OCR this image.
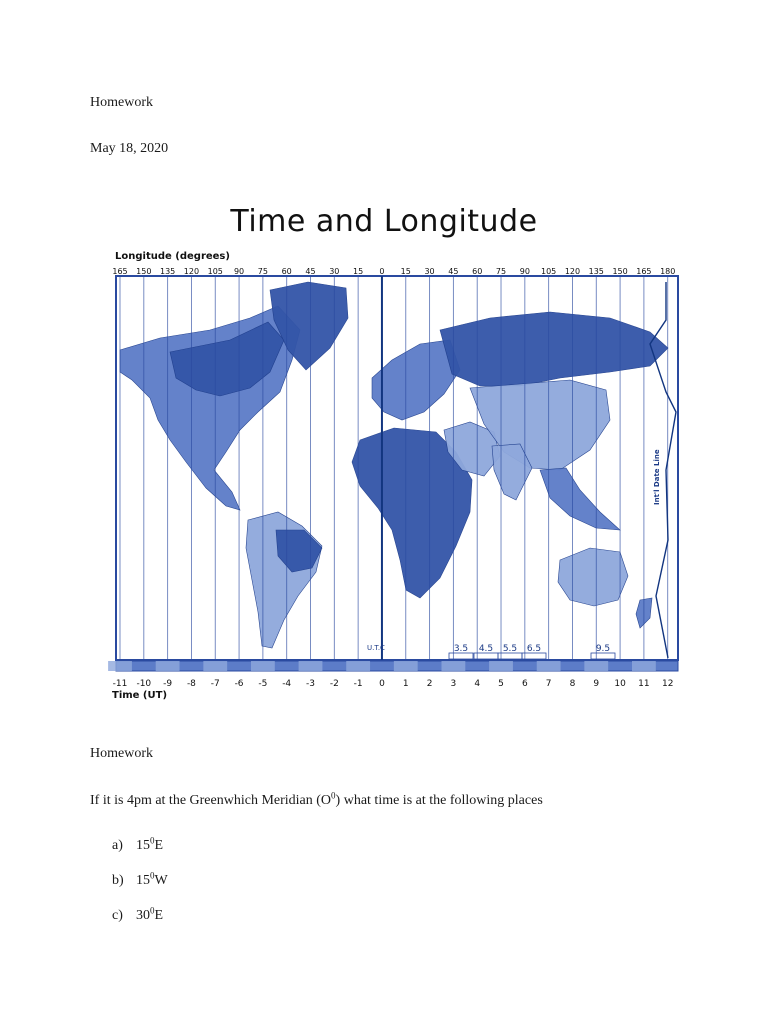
Homework
May 18, 2020
Time and Longitude
Longitude (degrees)
Time (UT)
165 150 135 120 105 90 75 60 45 30 15 0 15 30 45 60 75 90 105 120 135 150 165 180
Int'l Date Line
U.T.C	3.5 4.5 5.5 6.5	9.5
-11 -10 -9 -8 -7 -6 -5 -4 -3 -2 -1 0 1 2 3 4 5 6 7 8 9 10 11 12
Homework
If it is 4pm at the Greenwhich Meridian $(O^0)$ what time is at the following places
a) $15^0E$
b) $15^0W$
c) $30^0E$
